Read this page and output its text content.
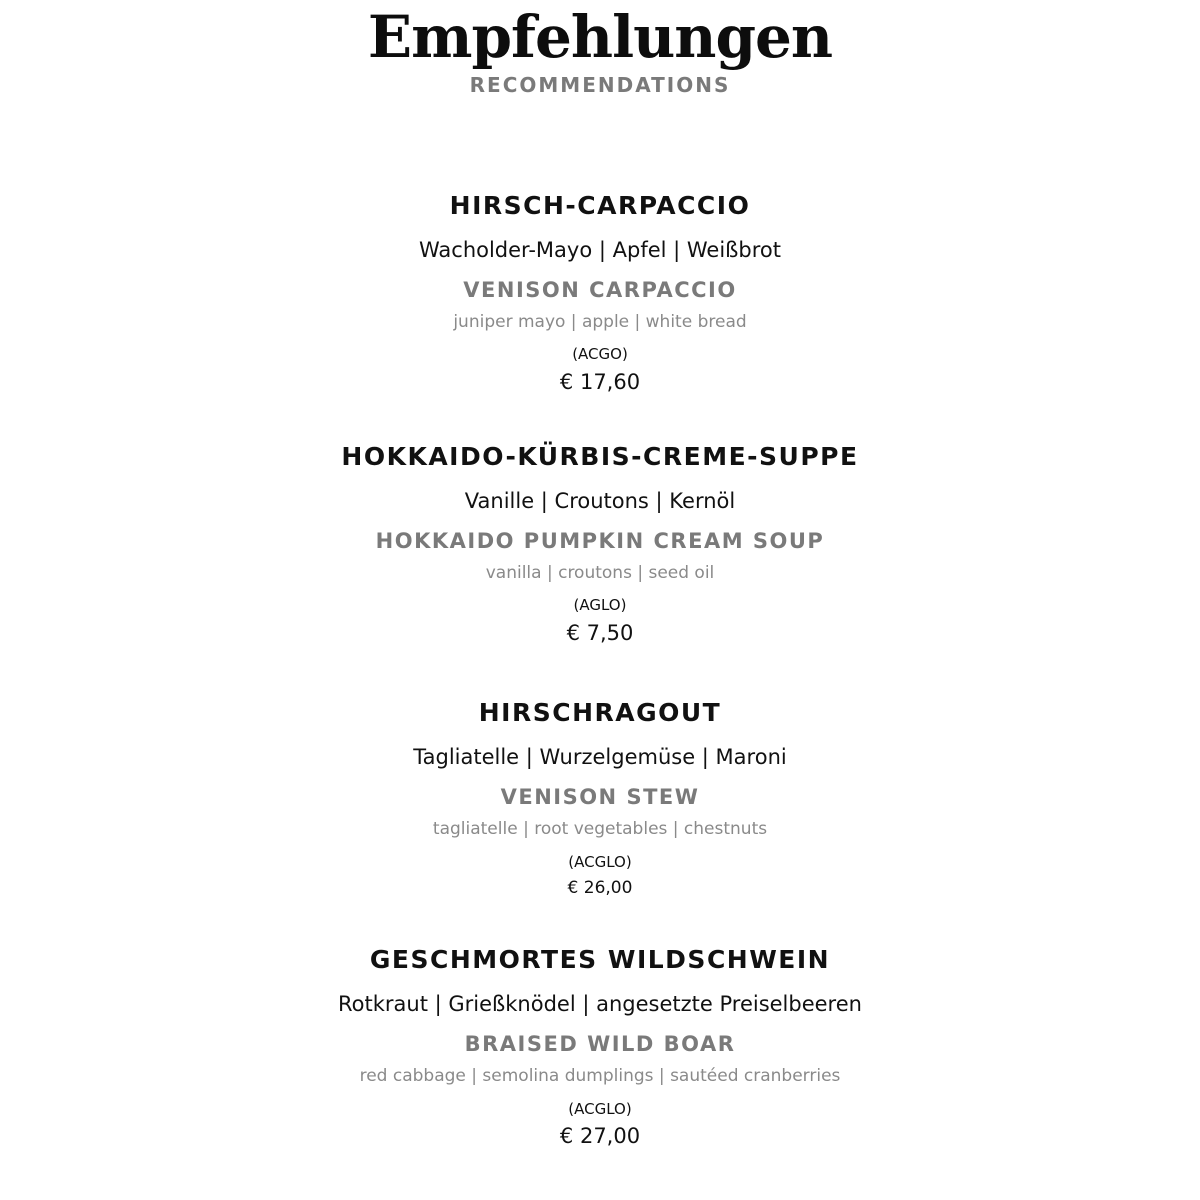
Empfehlungen
RECOMMENDATIONS
HIRSCH-CARPACCIO
Wacholder-Mayo | Apfel | Weißbrot
VENISON CARPACCIO
juniper mayo | apple | white bread
(ACGO)
€ 17,60
HOKKAIDO-KÜRBIS-CREME-SUPPE
Vanille | Croutons | Kernöl
HOKKAIDO PUMPKIN CREAM SOUP
vanilla | croutons | seed oil
(AGLO)
€ 7,50
HIRSCHRAGOUT
Tagliatelle | Wurzelgemüse | Maroni
VENISON STEW
tagliatelle | root vegetables | chestnuts
(ACGLO)
€ 26,00
GESCHMORTES WILDSCHWEIN
Rotkraut | Grießknödel | angesetzte Preiselbeeren
BRAISED WILD BOAR
red cabbage | semolina dumplings | sautéed cranberries
(ACGLO)
€ 27,00
